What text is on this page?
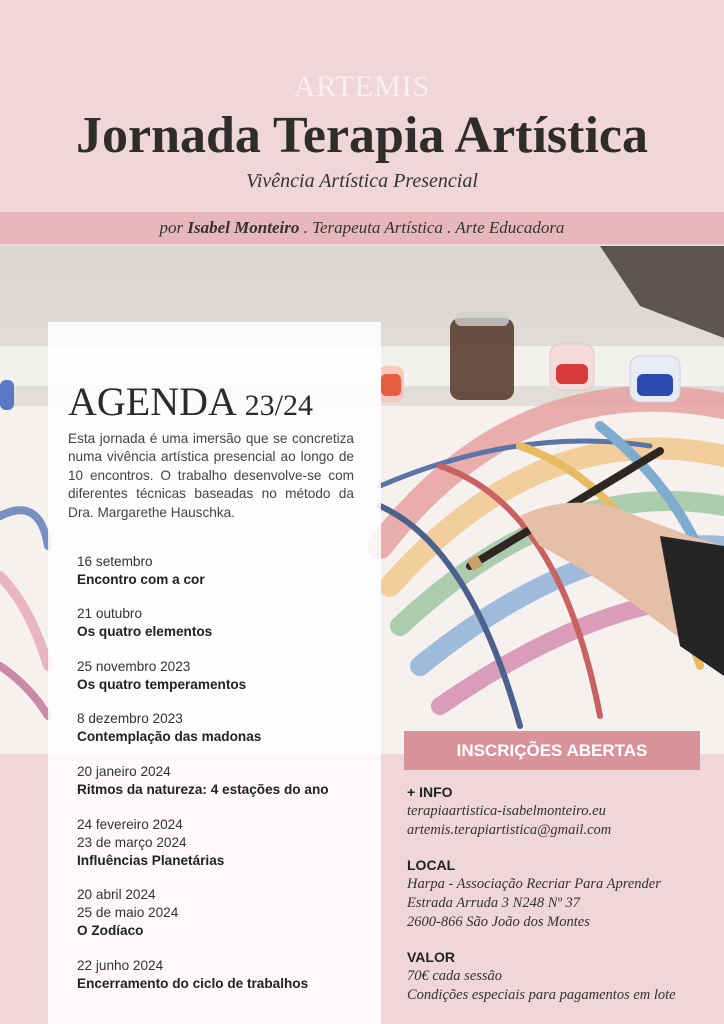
ARTEMIS
Jornada Terapia Artística
Vivência Artística Presencial
por Isabel Monteiro . Terapeuta Artística . Arte Educadora
AGENDA 23/24

Esta jornada é uma imersão que se concretiza numa vivência artística presencial ao longo de 10 encontros. O trabalho desenvolve-se com diferentes técnicas baseadas no método da Dra. Margarethe Hauschka.

16 setembro
Encontro com a cor
21 outubro
Os quatro elementos
25 novembro 2023
Os quatro temperamentos
8 dezembro 2023
Contemplação das madonas
20 janeiro 2024
Ritmos da natureza: 4 estações do ano
24 fevereiro 2024
23 de março 2024
Influências Planetárias
20 abril 2024
25 de maio 2024
O Zodíaco
22 junho 2024
Encerramento do ciclo de trabalhos
INSCRIÇÕES ABERTAS
+ INFO
terapiaartistica-isabelmonteiro.eu
artemis.terapiartistica@gmail.com
LOCAL
Harpa - Associação Recriar Para Aprender
Estrada Arruda 3 N248 Nº 37
2600-866 São João dos Montes
VALOR
70€ cada sessão
Condições especiais para pagamentos em lote
